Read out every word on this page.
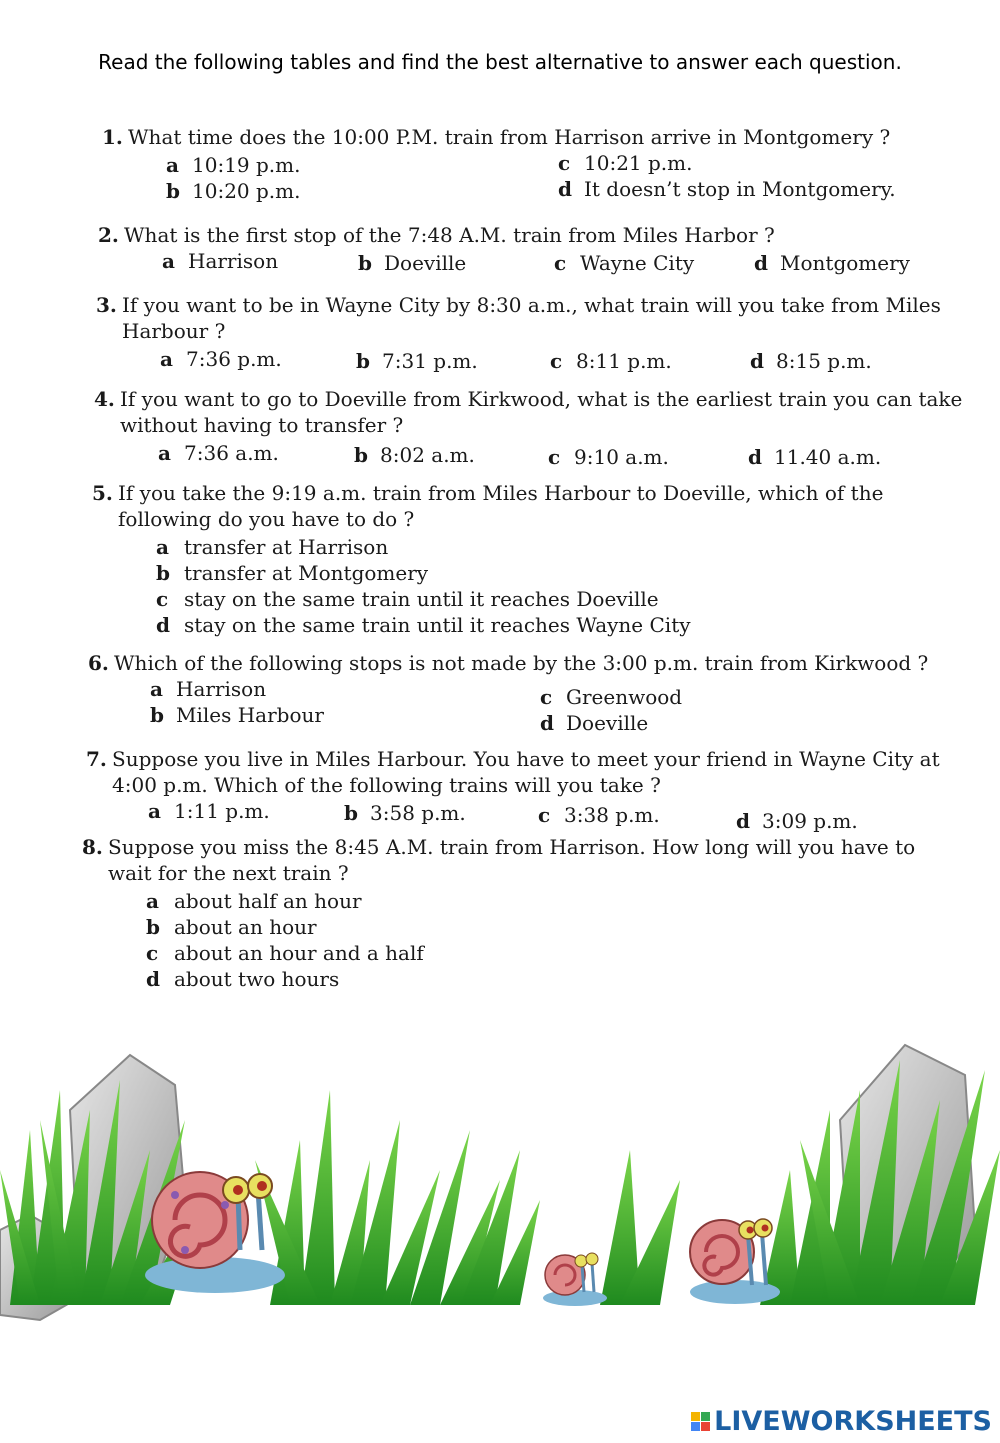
Read the following tables and find the best alternative to answer each question.
1. What time does the 10:00 P.M. train from Harrison arrive in Montgomery ?
a 10:19 p.m.
b 10:20 p.m.
c 10:21 p.m.
d It doesn’t stop in Montgomery.
2. What is the first stop of the 7:48 A.M. train from Miles Harbor ?
a Harrison	b Doeville	c Wayne City	d Montgomery
3. If you want to be in Wayne City by 8:30 a.m., what train will you take from Miles
Harbour ?
a 7:36 p.m.	b 7:31 p.m.	c 8:11 p.m.	d 8:15 p.m.
4. If you want to go to Doeville from Kirkwood, what is the earliest train you can take
without having to transfer ?
a 7:36 a.m.	b 8:02 a.m.	c 9:10 a.m.	d 11.40 a.m.
5. If you take the 9:19 a.m. train from Miles Harbour to Doeville, which of the
following do you have to do ?
a transfer at Harrison
b transfer at Montgomery
c stay on the same train until it reaches Doeville
d stay on the same train until it reaches Wayne City
6. Which of the following stops is not made by the 3:00 p.m. train from Kirkwood ?
a Harrison
b Miles Harbour
c Greenwood
d Doeville
7. Suppose you live in Miles Harbour. You have to meet your friend in Wayne City at
4:00 p.m. Which of the following trains will you take ?
a 1:11 p.m.	b 3:58 p.m.	c 3:38 p.m.	d 3:09 p.m.
8. Suppose you miss the 8:45 A.M. train from Harrison. How long will you have to
wait for the next train ?
a about half an hour
b about an hour
c about an hour and a half
d about two hours
LIVEWORKSHEETS
